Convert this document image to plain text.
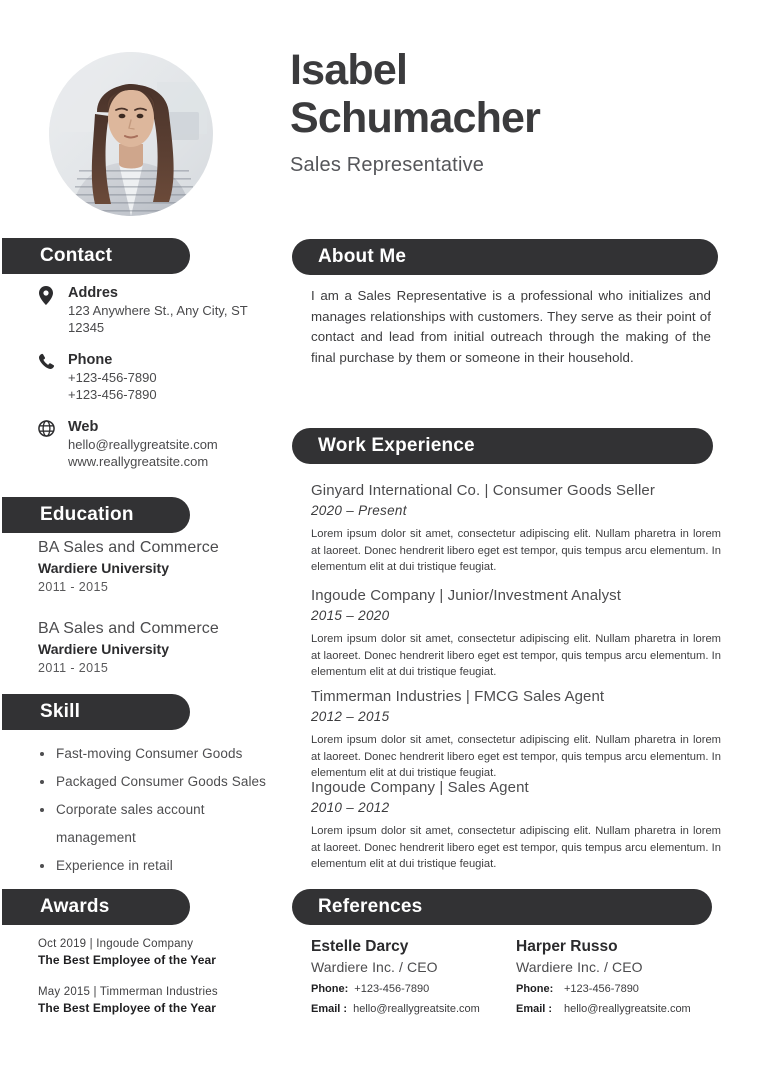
Isabel
Schumacher
Sales Representative
Contact
Addres
123 Anywhere St., Any City, ST
12345
Phone
+123-456-7890
+123-456-7890
Web
hello@reallygreatsite.com
www.reallygreatsite.com
Education
BA Sales and Commerce
Wardiere University
2011 - 2015
BA Sales and Commerce
Wardiere University
2011 - 2015
Skill
Fast-moving Consumer Goods
Packaged Consumer Goods Sales
Corporate sales account
management
Experience in retail
Awards
Oct 2019 | Ingoude Company
The Best Employee of the Year
May 2015 | Timmerman Industries
The Best Employee of the Year
About Me
I am a Sales Representative is a professional who initializes and manages relationships with customers. They serve as their point of contact and lead from initial outreach through the making of the final purchase by them or someone in their household.
Work Experience
Ginyard International Co. | Consumer Goods Seller
2020 – Present
Lorem ipsum dolor sit amet, consectetur adipiscing elit. Nullam pharetra in lorem at laoreet. Donec hendrerit libero eget est tempor, quis tempus arcu elementum. In elementum elit at dui tristique feugiat.
Ingoude Company | Junior/Investment Analyst
2015 – 2020
Lorem ipsum dolor sit amet, consectetur adipiscing elit. Nullam pharetra in lorem at laoreet. Donec hendrerit libero eget est tempor, quis tempus arcu elementum. In elementum elit at dui tristique feugiat.
Timmerman Industries | FMCG Sales Agent
2012 – 2015
Lorem ipsum dolor sit amet, consectetur adipiscing elit. Nullam pharetra in lorem at laoreet. Donec hendrerit libero eget est tempor, quis tempus arcu elementum. In elementum elit at dui tristique feugiat.
Ingoude Company | Sales Agent
2010 – 2012
Lorem ipsum dolor sit amet, consectetur adipiscing elit. Nullam pharetra in lorem at laoreet. Donec hendrerit libero eget est tempor, quis tempus arcu elementum. In elementum elit at dui tristique feugiat.
References
Estelle Darcy
Wardiere Inc. / CEO
Phone: +123-456-7890
Email : hello@reallygreatsite.com
Harper Russo
Wardiere Inc. / CEO
Phone: +123-456-7890
Email :	hello@reallygreatsite.com
